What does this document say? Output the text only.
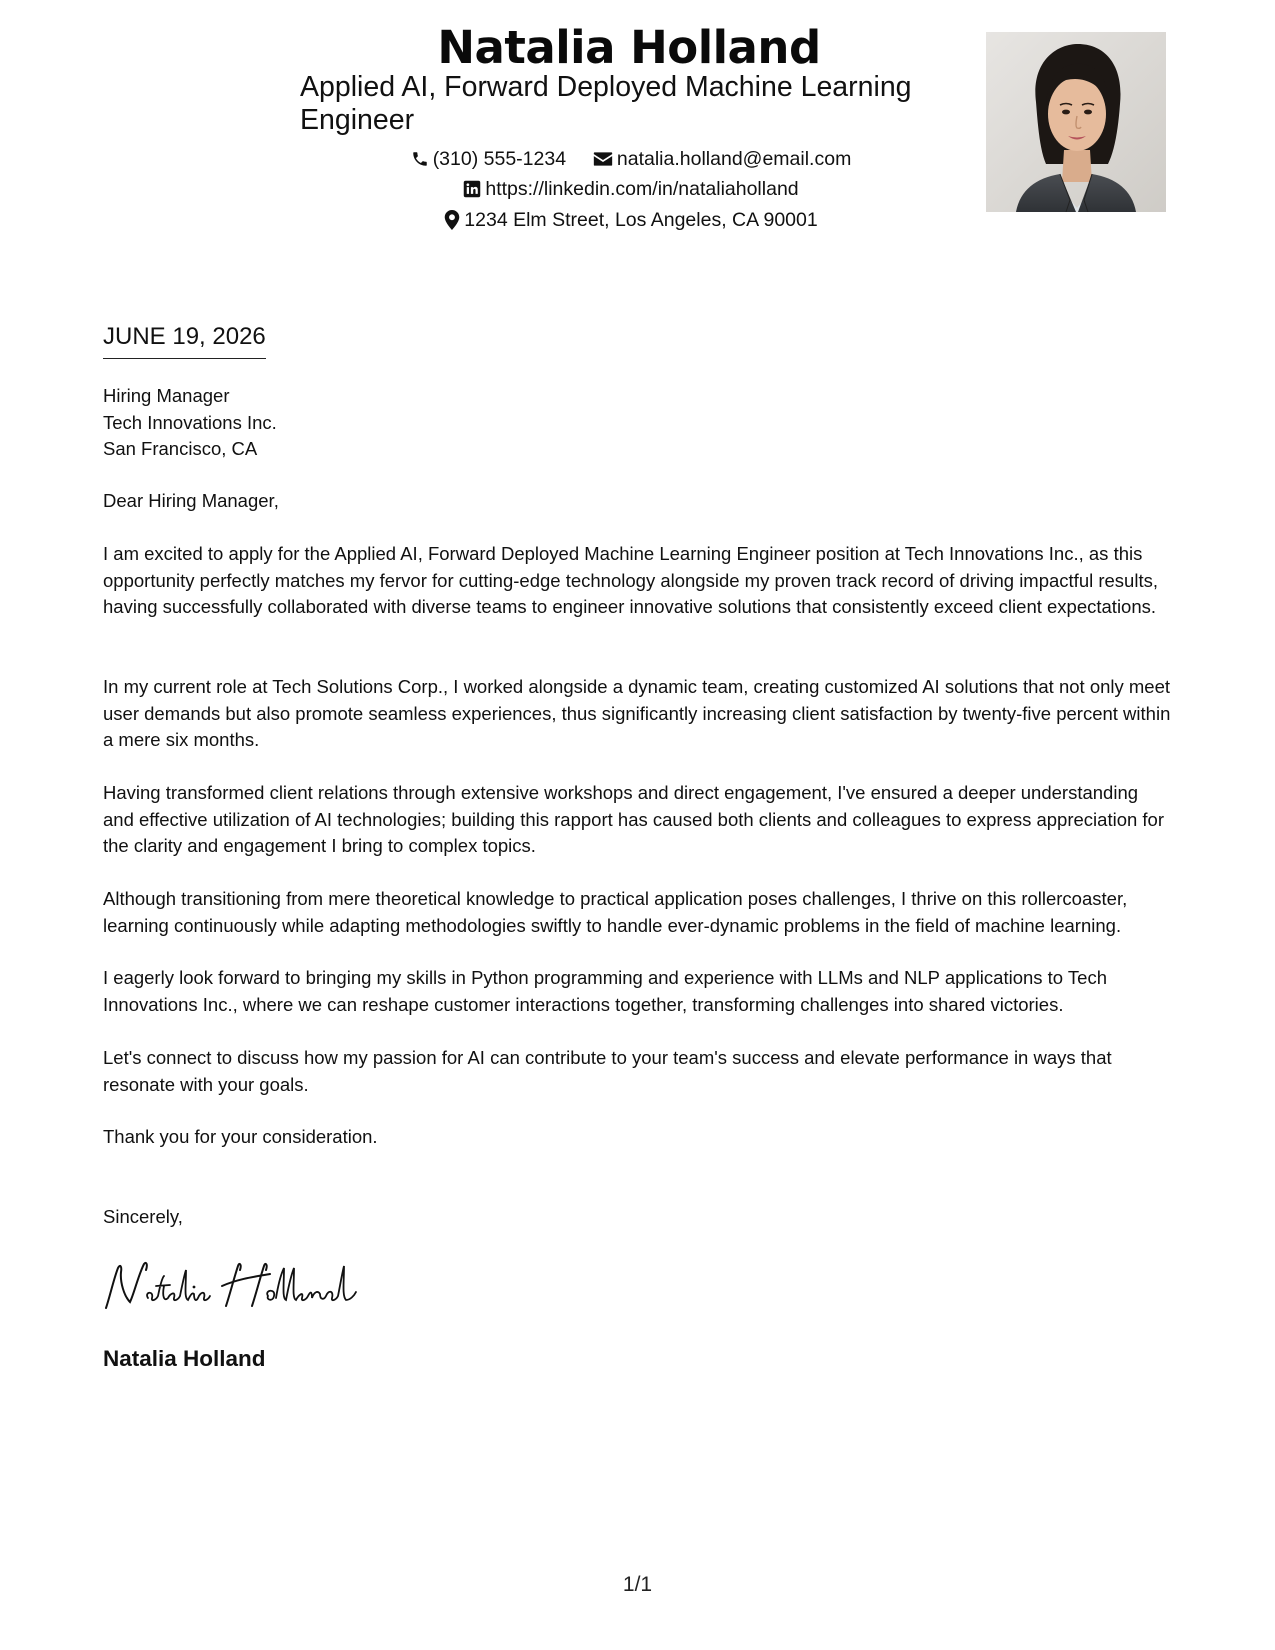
Natalia Holland
Applied AI, Forward Deployed Machine Learning Engineer
(310) 555-1234
	natalia.holland@email.com
https://linkedin.com/in/nataliaholland
1234 Elm Street, Los Angeles, CA 90001
JUNE 19, 2026
Hiring Manager
Tech Innovations Inc.
San Francisco, CA

Dear Hiring Manager,

I am excited to apply for the Applied AI, Forward Deployed Machine Learning Engineer position at Tech Innovations Inc., as this opportunity perfectly matches my fervor for cutting-edge technology alongside my proven track record of driving impactful results, having successfully collaborated with diverse teams to engineer innovative solutions that consistently exceed client expectations.

In my current role at Tech Solutions Corp., I worked alongside a dynamic team, creating customized AI solutions that not only meet user demands but also promote seamless experiences, thus significantly increasing client satisfaction by twenty-five percent within a mere six months.

Having transformed client relations through extensive workshops and direct engagement, I've ensured a deeper understanding and effective utilization of AI technologies; building this rapport has caused both clients and colleagues to express appreciation for the clarity and engagement I bring to complex topics.

Although transitioning from mere theoretical knowledge to practical application poses challenges, I thrive on this rollercoaster, learning continuously while adapting methodologies swiftly to handle ever-dynamic problems in the field of machine learning.

I eagerly look forward to bringing my skills in Python programming and experience with LLMs and NLP applications to Tech Innovations Inc., where we can reshape customer interactions together, transforming challenges into shared victories.

Let's connect to discuss how my passion for AI can contribute to your team's success and elevate performance in ways that resonate with your goals.

Thank you for your consideration.

Sincerely,

Natalia Holland
1/1
